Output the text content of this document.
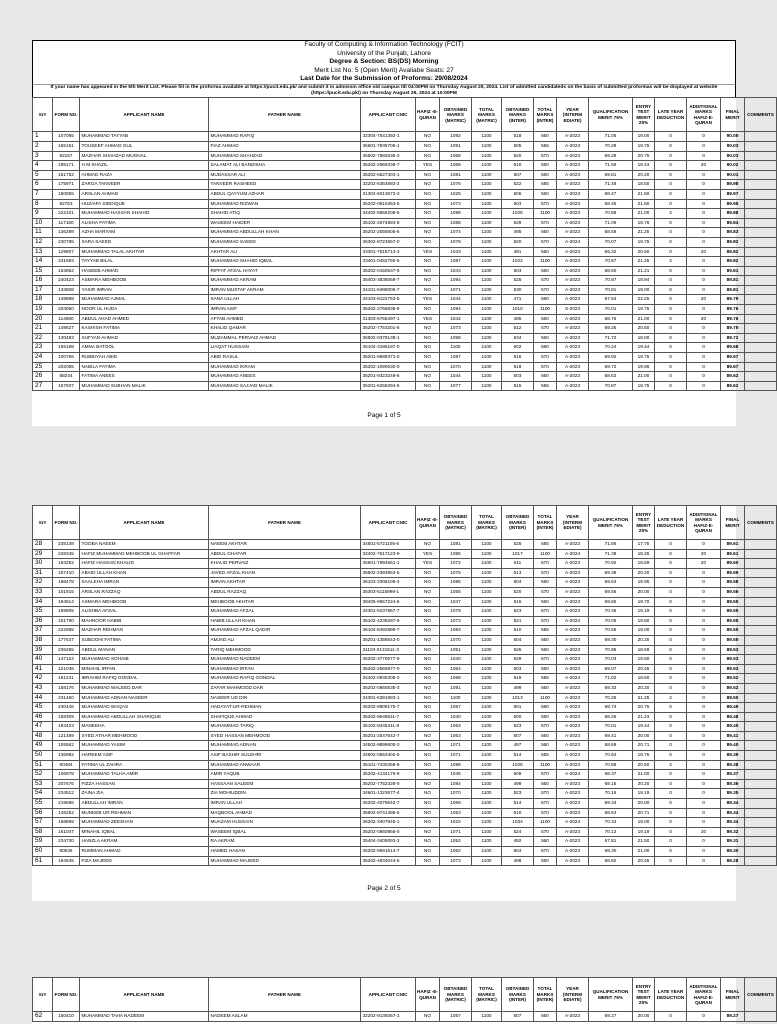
Faculty of Computing & Information Technology (FCIT)
University of the Punjab, Lahore
Degree & Section: BS(DS) Morning
Merit List No: 5 (Open Merit) Avaliabe Seats: 27
Last Date for the Submission of Proforms: 29/08/2024
If your name has appeared in the 5th Merit List. Please fill in the proforma available at https://pucit.edu.pk/ and submit it in admissin office old campus till 04:00PM on Thursday August 29, 2024. List of admitted candidateds on the basis of submitted proformas will be displayed at website (https://pucit.edu.pk/) on Thursday August 29, 2024 at 10:00PM
Sr#	FORM NO.	APPLICANT NAME	FATHER NAME	APPLICANT CNIC	HAFIZ -E- QURAN	OBTAINED MARKS (MATRIC)	TOTAL MARKS (MATRIC)	OBTAINED MARKS (INTER)	TOTAL MARKS (INTER)	YEAR (INTERM EDIATE)	QUALIFICATION MERIT 75%	ENTRY TEST MERIT 25%	LATE YEAR DEDUCTION	ADDITIONAL MARKS HAFIZ-E-QURAN	FINAL MERIT	COMMENTS
1	107095	MUHAMMAD TAYYAB	MUHAMMAD RAFIQ	32304-7541392-1	NO	1092	1100	518	560	A-2023	71.05	19.00	0	0	90.05	
2	165151	TOUSEEF AHMAD GUL	FIAZ AHMAD	36601-7935706-1	NO	1091	1100	505	555	A-2023	70.28	19.75	0	0	90.03	
3	92167	MAZHAR SHAHZAD MUGHAL	MUHAMMAD SHAHZAD	36502-7582635-3	NO	1068	1100	520	570	A-2023	69.28	20.75	0	0	90.03	
4	185171	H M SHAZIL	SALAMAT ALI BANDISHA	35202-2969338-7	YES	1068	1100	510	560	A-2023	71.59	18.43	0	20	90.02	
5	151752	AHMAD RAZA	MUDASSAR ALI	35202-6527403-1	NO	1081	1100	507	560	A-2023	69.81	20.20	0	0	90.01	
6	175971	ZARGA TANVEER	TANVEER RASHEED	32202-5364883-2	NO	1076	1100	522	555	A-2023	71.48	18.50	0	0	89.98	
7	150855	ARSLAN AHMAD	ABDUL QAYYUM AZHAR	31304-6013672-3	NO	1025	1100	506	560	A-2023	68.47	21.50	0	0	89.97	
8	92763	HUZAIFA SIDDIQUE	MUHAMMAD RIZWAN	35202-0610453-5	NO	1073	1100	503	570	A-2023	68.45	21.50	0	0	89.95	
9	222101	MUHAMMAD HASSAN SHAHID	SHAHID ATIQ	34402-5856208-5	NO	1098	1100	1025	1100	A-2023	70.88	21.00	2	0	89.88	
10	117150	ALISHA FATIMA	WASEEM HAIDER	35102-2674883-8	NO	1088	1100	529	570	A-2023	71.09	18.75	0	0	89.84	
11	136298	AZHA MARYAM	MUHAMMAD ABDULLAH KHAN	35202-2055605-6	NO	1074	1100	495	560	A-2023	68.58	21.25	0	0	89.83	
12	230785	SARA SAEED	MUHAMMAD SAEED	36302-8723657-0	NO	1078	1100	520	570	A-2024	70.07	19.75	0	0	89.82	
13	129807	MUHAMMAD TALAL AKHTAR	AKHTAR ALI	33301-7515713-3	YES	1043	1100	491	560	A-2023	69.32	20.50	0	20	89.82	
14	241693	TAYYAB BILAL	MUHAMMAD SHAHID IQBAL	33401-0452750-5	NO	1087	1100	1022	1100	A-2023	70.57	21.25	2	0	89.82	
15	163852	HASEEB AHMAD	RIFFAT AFZAL HAYAT	35202-0150537-5	NO	1043	1100	503	560	A-2023	68.60	21.21	0	0	89.81	
16	240423	ASMARA MEHBOOB	MUHAMMAD AKRAM	35403-3838069-7	NO	1094	1100	525	570	A-2023	70.87	18.94	0	0	89.81	
17	133808	YASIR IMRAN	IMRAN MUSTAF AKRAM	34101-6488006-7	NO	1071	1100	530	570	A-2023	70.81	19.00	0	0	89.81	
18	149898	MUHAMMAD AJMAL	SANA ULLAH	34103-8122753-5	YES	1044	1100	471	560	A-2023	67.54	22.25	0	20	89.79	
19	204060	NOOR UL HUDA	IMRAN ASIF	35202-2766838-8	NO	1094	1100	1010	1100	S-2023	70.01	19.75	0	0	89.76	
20	114590	ABDUL AHAD AHMED	AFTAB AHMED	31303-6765497-1	YES	1042	1100	485	560	A-2023	68.76	21.00	0	20	89.76	
21	149627	KASHISH FATIMA	KHALID QAMAR	35202-7753201-6	NO	1073	1100	512	570	A-2023	69.25	20.50	0	0	89.75	
22	130483	SUFYAN AHMAD	MUZAMMAL PERVAIZ AHMAD	36502-0378138-1	NO	1058	1100	534	560	A-2023	71.72	18.00	0	0	89.72	
23	155188	AMNA BATOOL	LIAQAT HUSSAIN	36104-3185187-0	NO	1100	1100	502	560	A-2023	70.24	19.44	0	0	89.68	
24	100756	RUBBIYAH ABID	ABID RASUL	35201-9688371-0	NO	1087	1100	516	570	A-2023	69.92	19.75	0	0	89.67	
25	202055	NABILA FATIMA	MUHAMMAD IKRAM	35202-1090630-0	NO	1070	1100	518	570	A-2023	69.72	19.95	0	0	89.67	
26	88244	FATIMA ANEES	MUHAMMAD ANEES	35201-9323249-6	NO	1044	1100	503	560	A-2023	68.62	21.00	0	0	89.62	
27	157937	MUHAMMAD SUBHAN MALIK	MUHAMMAD SAJJAD MALIK	35201-6258294-5	NO	1077	1100	515	555	A-2023	70.87	18.75	0	0	89.62	
Page 1 of 5
Sr#	FORM NO.	APPLICANT NAME	FATHER NAME	APPLICANT CNIC	HAFIZ -E- QURAN	OBTAINED MARKS (MATRIC)	TOTAL MARKS (MATRIC)	OBTAINED MARKS (INTER)	TOTAL MARKS (INTER)	YEAR (INTERM EDIATE)	QUALIFICATION MERIT 75%	ENTRY TEST MERIT 25%	LATE YEAR DEDUCTION	ADDITIONAL MARKS HAFIZ-E-QURAN	FINAL MERIT	COMMENTS
28	235138	TOOBA NAEEM	NAEEM AKHTAR	34501-5721105-6	NO	1081	1100	525	555	A-2023	71.86	17.75	0	0	89.61	
29	228345	HAFIZ MUHAMMAD MEHBOOB UL GHAFFAR	ABDUL GHAFAR	32402-7617123-9	YES	1085	1100	1017	1100	A-2024	71.38	18.25	0	20	89.61	
30	183252	HAFIZ HASSAN KHALID	KHALID PERVAIZ	36601-7994561-1	YES	1072	1100	511	570	A-2023	70.92	18.69	0	20	89.60	
31	157410	ABAID ULLAH KHAN	JAVED AFZAL KHAN	36502-2393863-5	NO	1075	1100	513	570	A-2023	69.39	20.20	0	0	89.59	
32	188478	SAALEHA IMRAN	IMRAN AKHTAR	36103-3306109-4	NO	1085	1100	504	560	A-2023	69.63	19.95	0	0	89.58	
33	101915	ARSLAN RAZZAQ	ABDUL RAZZAQ	35303-5115998-1	NO	1055	1100	520	570	A-2023	69.56	20.00	0	0	89.56	
34	194614	ASMARA MEHBOOB	MEHBOOB AKHTAR	38405-9657224-6	NO	1047	1100	516	560	A-2023	69.86	19.70	0	0	89.55	
35	189905	ALISHBA AFZAL	MUHAMMAD AFZAL	34301-5237857-7	NO	1079	1100	523	570	A-2023	70.36	19.19	0	0	89.55	
36	151790	MAHNOOR HABIB	HABIB ULLAH KHAN	35102-4238287-8	NO	1073	1100	521	570	A-2024	70.05	19.50	0	0	89.55	
37	222995	MAZHAR REHMAN	MUHAMMAD AFZAL QADIR	36104-8492889-7	NO	1083	1100	510	555	A-2023	70.55	19.00	0	0	89.55	
38	177637	SUBOOHI FATIMA	AMJAD ALI	35201-1358543-0	NO	1070	1100	504	560	A-2023	69.30	20.25	0	0	89.55	
39	236265	ABDUL MANAN	TARIQ MEHMOOD	31103-0131511-3	NO	1051	1100	526	560	A-2023	70.85	18.69	0	0	89.53	
40	147124	MUHAMMAD SOHAIB	MUHAMMAD NADEEM	35202-3770077-9	NO	1040	1100	529	570	A-2023	70.03	19.50	0	0	89.53	
41	121036	MINAHIL IRFAN	MUHAMMAD IRFAN	35202-2565877-0	NO	1064	1100	503	560	A-2023	69.07	20.45	0	0	89.53	
42	161241	IBRAHIM RAFIQ GONDAL	MUHAMMAD RAFIQ GONDAL	34402-0935308-3	NO	1068	1100	519	555	A-2024	71.02	18.50	0	0	89.52	
43	158176	MUHAMMAD WALEED DAR	ZAFAR MAHMOOD DAR	35202-0860635-3	NO	1091	1100	499	560	A-2023	69.32	20.20	0	0	89.52	
44	231460	MUHAMMAD ADNAN NASEER	NASEER UD DIN	34301-6391983-1	NO	1100	1100	1013	1100	A-2023	70.25	21.25	2	0	89.50	
45	230446	MUHAMMAD WAQAS	HADAYAT-UR-REHMAN	35202-8909175-7	NO	1057	1100	501	560	A-2023	68.74	20.75	0	0	89.49	
46	158309	MUHAMMAD ABDULLAH SHARIQUE	SHAFIQUE AHMAD	35202-9648511-7	NO	1040	1100	500	560	A-2023	68.26	21.23	0	0	89.48	
47	183423	MANEEHA	MUHAMMAD TARIQ	35102-9445411-8	NO	1063	1100	523	570	A-2023	70.01	19.44	0	0	89.45	
48	121489	SYED ATHAR MEHMOOD	SYED HASSAN MEHMOOD	35201-2547642-7	NO	1063	1100	507	560	A-2023	69.41	20.00	0	0	89.41	
49	155562	MUHAMMAD YASIM	MUHAMMAD ADNAN	34502-9899600-3	NO	1071	1100	497	560	A-2023	68.69	20.71	0	0	89.40	
50	136982	HAREEM ASIF	ASIF BASHIR SULEHRI	34602-0553402-6	NO	1071	1100	514	555	A-2023	70.64	18.75	0	0	89.39	
51	90484	FATIMA UL ZAHRA	MUHAMMAD ANWAAR	35101-7430459-6	NO	1098	1100	1025	1100	A-2023	70.88	20.50	2	0	89.38	
52	106978	MUHAMMAD TALHA AMIR	AMIR YAQUB	35202-4134176-9	NO	1045	1100	509	570	A-2024	68.37	21.00	0	0	89.37	
53	207676	FIZZA HASSAN	HASSAAN SALEEM	35202-7752328-0	NO	1084	1100	499	560	A-2023	69.16	20.20	0	0	89.36	
54	234512	ZAINA ZIA	ZIA MOHIUDDIN	34601-1323677-4	NO	1070	1100	523	570	A-2023	70.16	19.19	0	0	89.35	
55	219586	ABDULLAH IMRAN	IMRAN ULLAH	35202-4079642-7	NO	1069	1100	514	570	A-2023	69.34	20.00	0	0	89.34	
56	148252	MUNEEB UR REHMAN	MAQBOOL AHMAD	36602-8741486-5	NO	1053	1100	510	570	A-2023	68.63	20.71	0	0	89.34	
57	168869	MUHAMMAD ZEESHAN	MUAZAM HUSSAIN	36202-3407945-1	NO	1022	1100	1034	1100	A-2024	70.34	19.00	0	0	89.34	
58	161047	MINAHIL IQBAL	WASEEM IQBAL	35202-0860866-0	NO	1071	1100	524	570	A-2023	70.13	19.19	0	20	89.32	
59	234730	HANZLA AKRAM	RA AKRAM	35404-3405093-3	NO	1052	1100	492	560	A-2023	67.81	21.50	0	0	89.31	
60	90636	RUMMAN AHMAD	HAMED HASAN	35202-9691614-7	NO	1062	1100	504	570	A-2023	68.30	21.00	0	0	89.30	
61	184645	FIZA MAJEED	MUHAMMAD MAJEED	35202-4934044-6	NO	1073	1100	498	560	A-2023	68.82	20.45	0	0	89.28	
Page 2 of 5
Sr#	FORM NO.	APPLICANT NAME	FATHER NAME	APPLICANT CNIC	HAFIZ -E- QURAN	OBTAINED MARKS (MATRIC)	TOTAL MARKS (MATRIC)	OBTAINED MARKS (INTER)	TOTAL MARKS (INTER)	YEAR (INTERM EDIATE)	QUALIFICATION MERIT 75%	ENTRY TEST MERIT 25%	LATE YEAR DEDUCTION	ADDITIONAL MARKS HAFIZ-E-QURAN	FINAL MERIT	COMMENTS
62	150410	MUHAMMAD TAHA NADEEM	NADEEM ASLAM	32202-9139267-1	NO	1057	1100	507	560	A-2023	69.27	20.00	0	0	89.27	
